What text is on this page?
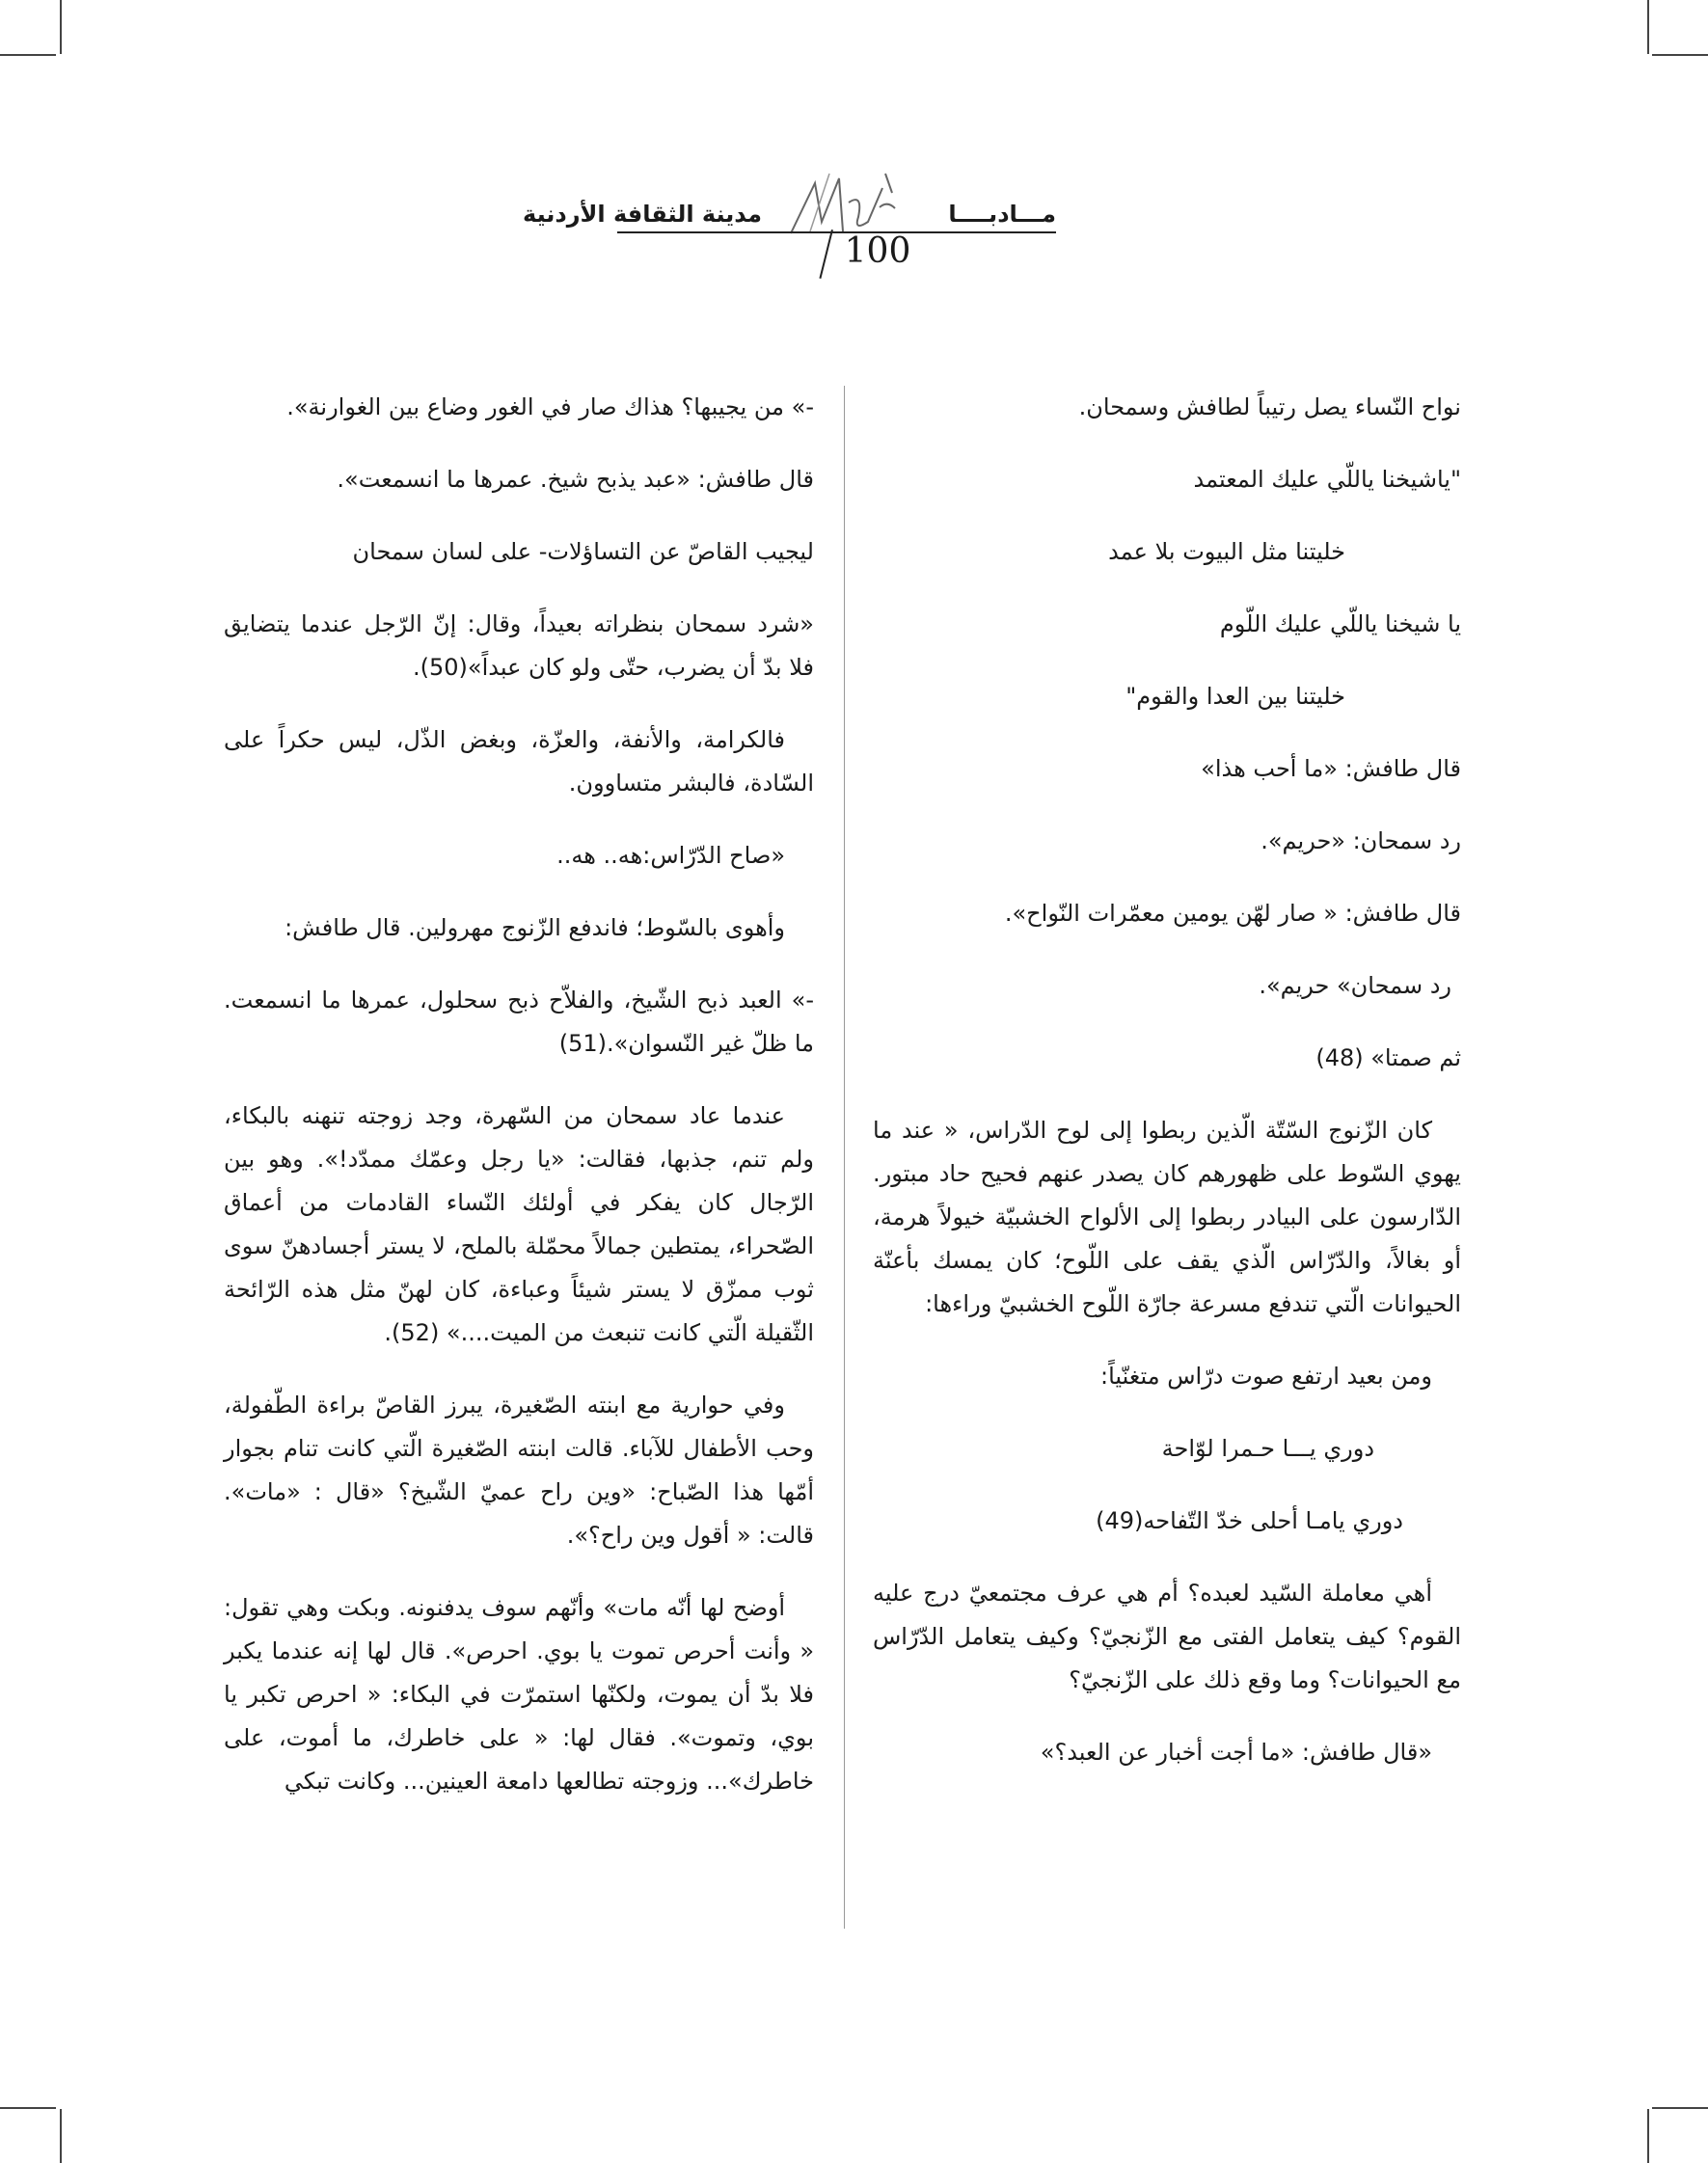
مدينة الثقافة الأردنية	مـــادبــــا
100

نواح النّساء يصل رتيباً لطافش وسمحان.

"ياشيخنا ياللّي عليك المعتمد

خليتنا مثل البيوت بلا عمد

يا شيخنا ياللّي عليك اللّوم

خليتنا بين العدا والقوم"

قال طافش: «ما أحب هذا»

رد سمحان: «حريم».

قال طافش: « صار لهّن يومين معمّرات النّواح».

رد سمحان» حريم».

ثم صمتا» (48)

كان الزّنوج السّتّة الّذين ربطوا إلى لوح الدّراس، « عند ما يهوي السّوط على ظهورهم كان يصدر عنهم فحيح حاد مبتور. الدّارسون على البيادر ربطوا إلى الألواح الخشبيّة خيولاً هرمة، أو بغالاً، والدّرّاس الّذي يقف على اللّوح؛ كان يمسك بأعنّة الحيوانات الّتي تندفع مسرعة جارّة اللّوح الخشبيّ وراءها:

ومن بعيد ارتفع صوت درّاس متغنّياً:

دوري يـــا حـمرا لوّاحة

دوري يامـا أحلى خدّ التّفاحه(49)

أهي معاملة السّيد لعبده؟ أم هي عرف مجتمعيّ درج عليه القوم؟ كيف يتعامل الفتى مع الزّنجيّ؟ وكيف يتعامل الدّرّاس مع الحيوانات؟ وما وقع ذلك على الزّنجيّ؟

«قال طافش: «ما أجت أخبار عن العبد؟»

-» من يجيبها؟ هذاك صار في الغور وضاع بين الغوارنة».

قال طافش: «عبد يذبح شيخ. عمرها ما انسمعت».

ليجيب القاصّ عن التساؤلات- على لسان سمحان

«شرد سمحان بنظراته بعيداً، وقال: إنّ الرّجل عندما يتضايق فلا بدّ أن يضرب، حتّى ولو كان عبداً»(50).

فالكرامة، والأنفة، والعزّة، وبغض الذّل، ليس حكراً على السّادة، فالبشر متساوون.

«صاح الدّرّاس:هه.. هه..

وأهوى بالسّوط؛ فاندفع الزّنوج مهرولين. قال طافش:

-» العبد ذبح الشّيخ، والفلاّح ذبح سحلول، عمرها ما انسمعت. ما ظلّ غير النّسوان».(51)

عندما عاد سمحان من السّهرة، وجد زوجته تنهنه بالبكاء، ولم تنم، جذبها، فقالت: «يا رجل وعمّك ممدّد!». وهو بين الرّجال كان يفكر في أولئك النّساء القادمات من أعماق الصّحراء، يمتطين جمالاً محمّلة بالملح، لا يستر أجسادهنّ سوى ثوب ممزّق لا يستر شيئاً وعباءة، كان لهنّ مثل هذه الرّائحة الثّقيلة الّتي كانت تنبعث من الميت....» (52).

وفي حوارية مع ابنته الصّغيرة، يبرز القاصّ براءة الطّفولة، وحب الأطفال للآباء. قالت ابنته الصّغيرة الّتي كانت تنام بجوار أمّها هذا الصّباح: «وين راح عميّ الشّيخ؟ «قال : «مات». قالت: « أقول وين راح؟».

أوضح لها أنّه مات» وأنّهم سوف يدفنونه. وبكت وهي تقول: « وأنت أحرص تموت يا بوي. احرص». قال لها إنه عندما يكبر فلا بدّ أن يموت، ولكنّها استمرّت في البكاء: « احرص تكبر يا بوي، وتموت». فقال لها: « على خاطرك، ما أموت، على خاطرك»... وزوجته تطالعها دامعة العينين... وكانت تبكي
